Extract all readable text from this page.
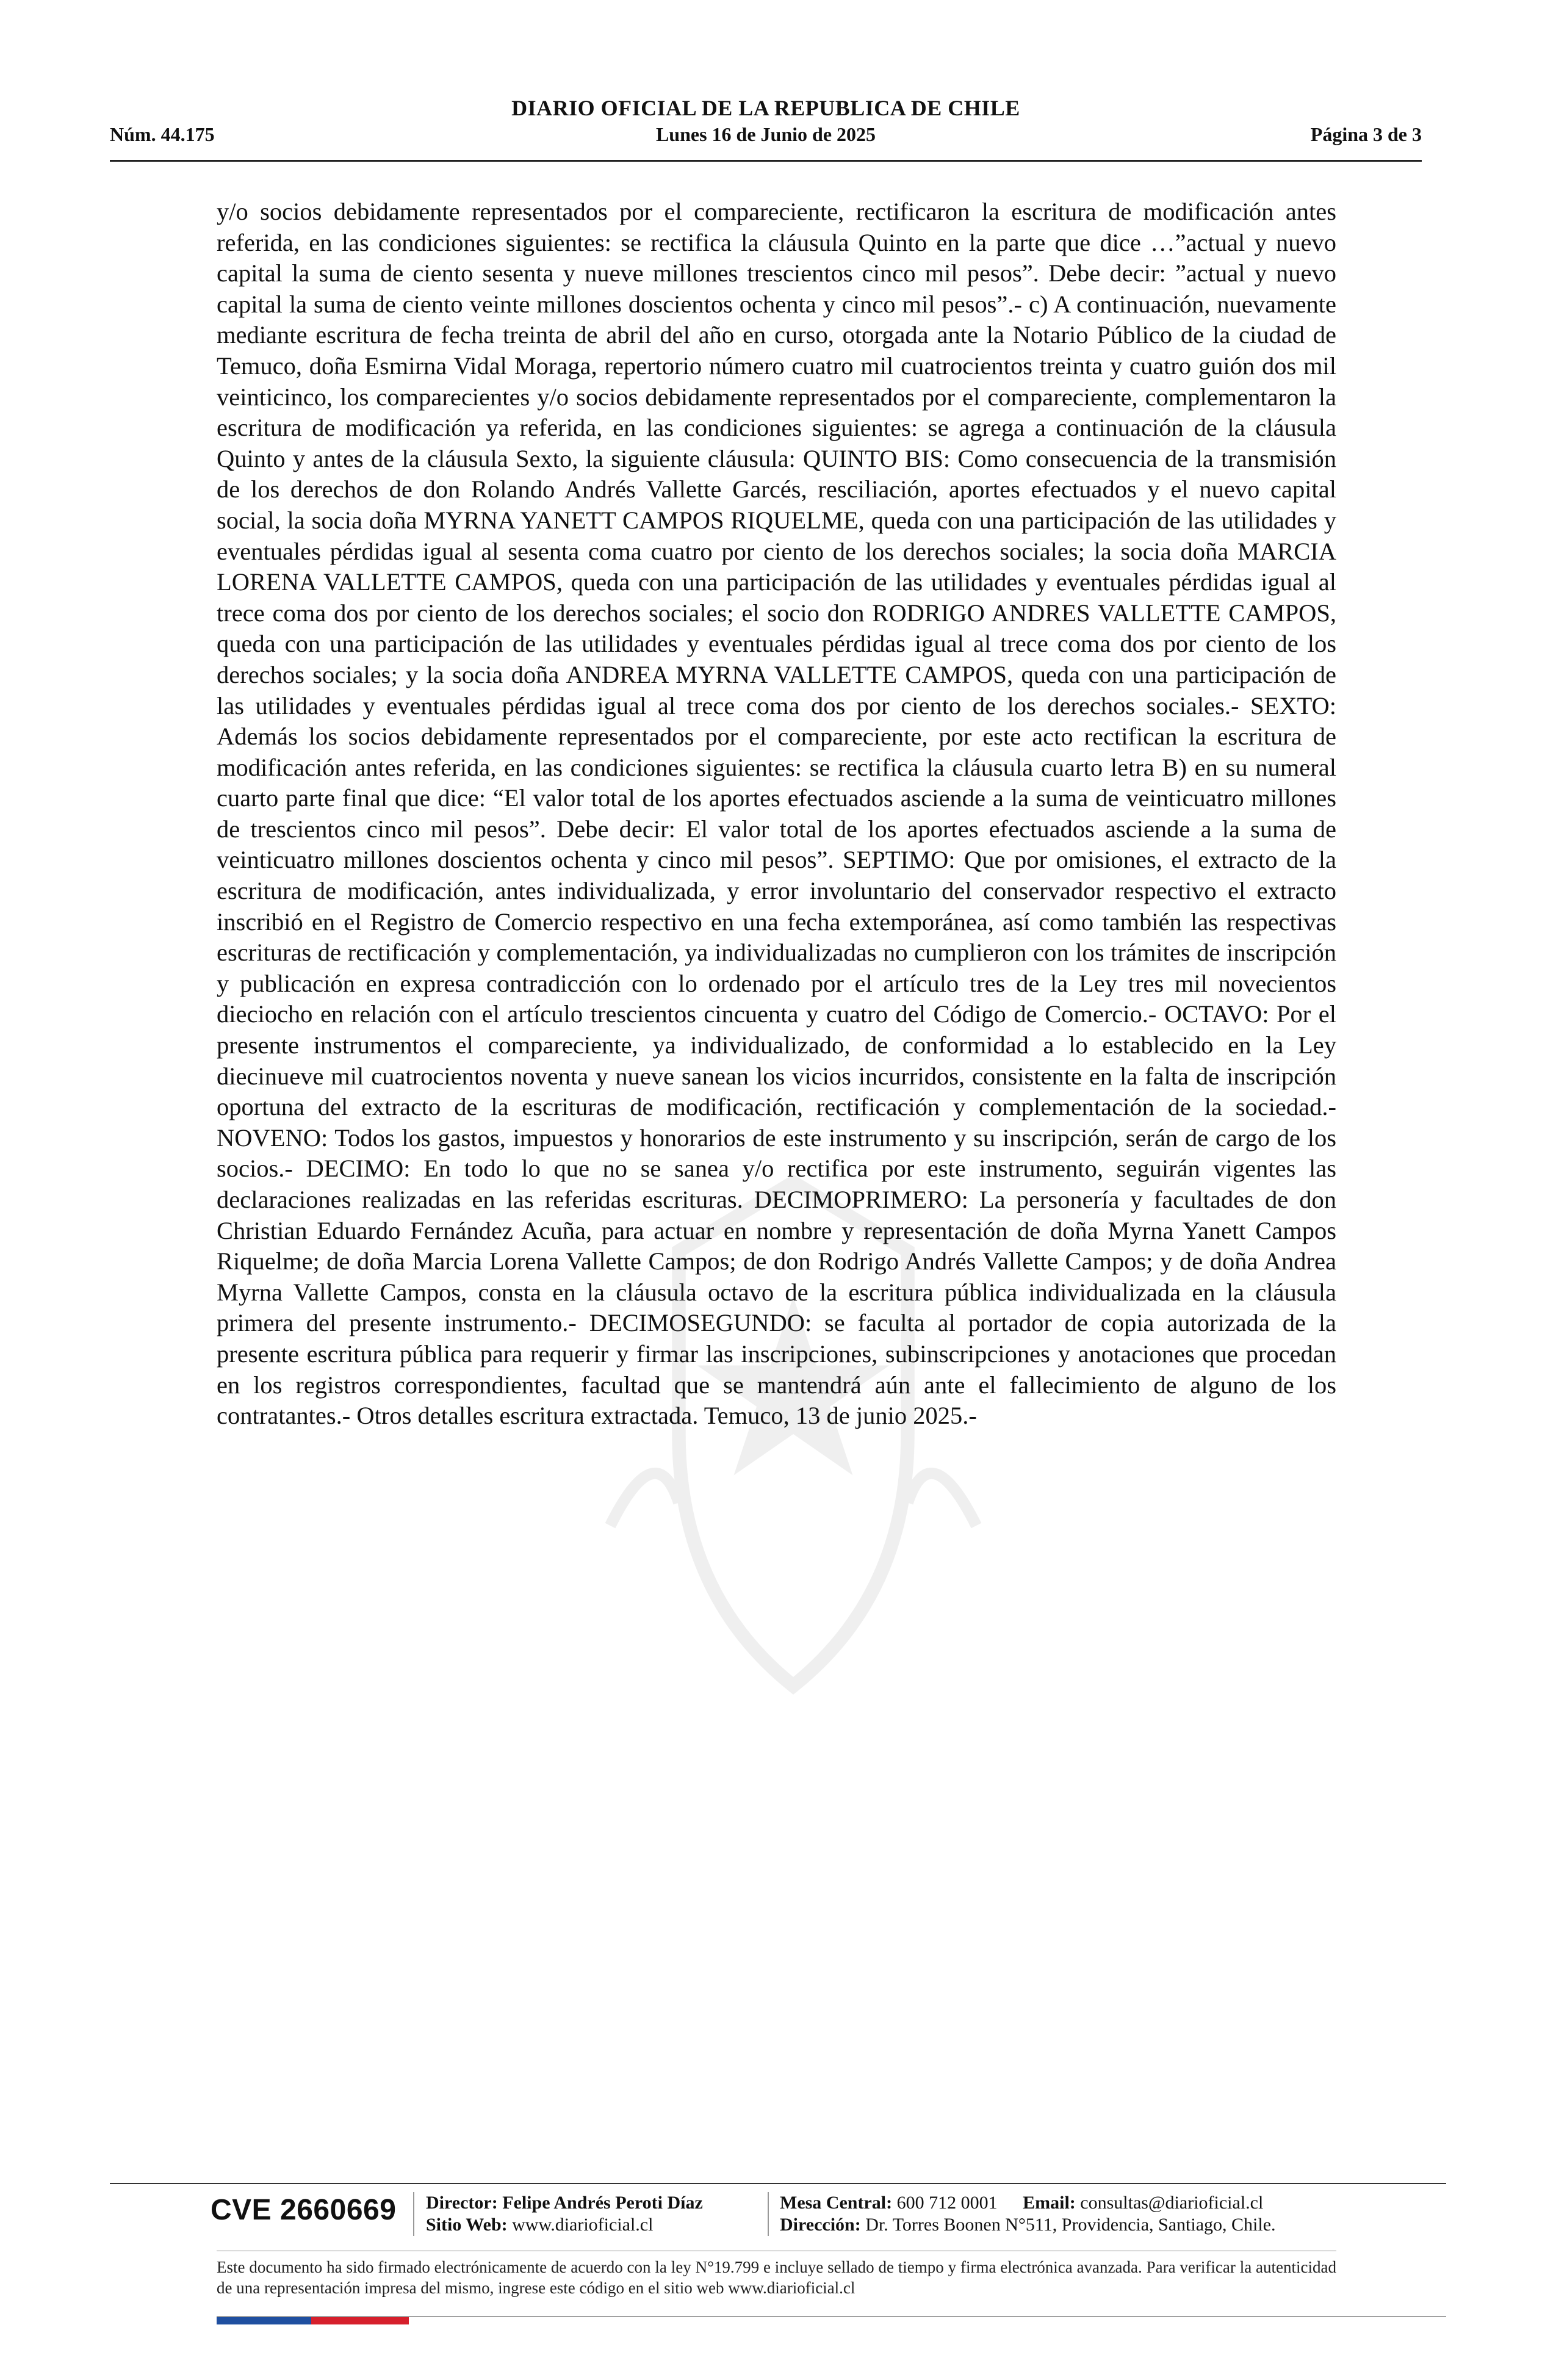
DIARIO OFICIAL DE LA REPUBLICA DE CHILE
Núm. 44.175	Lunes 16 de Junio de 2025	Página 3 de 3

y/o socios debidamente representados por el compareciente, rectificaron la escritura de modificación antes referida, en las condiciones siguientes: se rectifica la cláusula Quinto en la parte que dice …”actual y nuevo capital la suma de ciento sesenta y nueve millones trescientos cinco mil pesos”. Debe decir: ”actual y nuevo capital la suma de ciento veinte millones doscientos ochenta y cinco mil pesos”.- c) A continuación, nuevamente mediante escritura de fecha treinta de abril del año en curso, otorgada ante la Notario Público de la ciudad de Temuco, doña Esmirna Vidal Moraga, repertorio número cuatro mil cuatrocientos treinta y cuatro guión dos mil veinticinco, los comparecientes y/o socios debidamente representados por el compareciente, complementaron la escritura de modificación ya referida, en las condiciones siguientes: se agrega a continuación de la cláusula Quinto y antes de la cláusula Sexto, la siguiente cláusula: QUINTO BIS: Como consecuencia de la transmisión de los derechos de don Rolando Andrés Vallette Garcés, resciliación, aportes efectuados y el nuevo capital social, la socia doña MYRNA YANETT CAMPOS RIQUELME, queda con una participación de las utilidades y eventuales pérdidas igual al sesenta coma cuatro por ciento de los derechos sociales; la socia doña MARCIA LORENA VALLETTE CAMPOS, queda con una participación de las utilidades y eventuales pérdidas igual al trece coma dos por ciento de los derechos sociales; el socio don RODRIGO ANDRES VALLETTE CAMPOS, queda con una participación de las utilidades y eventuales pérdidas igual al trece coma dos por ciento de los derechos sociales; y la socia doña ANDREA MYRNA VALLETTE CAMPOS, queda con una participación de las utilidades y eventuales pérdidas igual al trece coma dos por ciento de los derechos sociales.- SEXTO: Además los socios debidamente representados por el compareciente, por este acto rectifican la escritura de modificación antes referida, en las condiciones siguientes: se rectifica la cláusula cuarto letra B) en su numeral cuarto parte final que dice: “El valor total de los aportes efectuados asciende a la suma de veinticuatro millones de trescientos cinco mil pesos”. Debe decir: El valor total de los aportes efectuados asciende a la suma de veinticuatro millones doscientos ochenta y cinco mil pesos”. SEPTIMO: Que por omisiones, el extracto de la escritura de modificación, antes individualizada, y error involuntario del conservador respectivo el extracto inscribió en el Registro de Comercio respectivo en una fecha extemporánea, así como también las respectivas escrituras de rectificación y complementación, ya individualizadas no cumplieron con los trámites de inscripción y publicación en expresa contradicción con lo ordenado por el artículo tres de la Ley tres mil novecientos dieciocho en relación con el artículo trescientos cincuenta y cuatro del Código de Comercio.- OCTAVO: Por el presente instrumentos el compareciente, ya individualizado, de conformidad a lo establecido en la Ley diecinueve mil cuatrocientos noventa y nueve sanean los vicios incurridos, consistente en la falta de inscripción oportuna del extracto de la escrituras de modificación, rectificación y complementación de la sociedad.- NOVENO: Todos los gastos, impuestos y honorarios de este instrumento y su inscripción, serán de cargo de los socios.- DECIMO: En todo lo que no se sanea y/o rectifica por este instrumento, seguirán vigentes las declaraciones realizadas en las referidas escrituras. DECIMOPRIMERO: La personería y facultades de don Christian Eduardo Fernández Acuña, para actuar en nombre y representación de doña Myrna Yanett Campos Riquelme; de doña Marcia Lorena Vallette Campos; de don Rodrigo Andrés Vallette Campos; y de doña Andrea Myrna Vallette Campos, consta en la cláusula octavo de la escritura pública individualizada en la cláusula primera del presente instrumento.- DECIMOSEGUNDO: se faculta al portador de copia autorizada de la presente escritura pública para requerir y firmar las inscripciones, subinscripciones y anotaciones que procedan en los registros correspondientes, facultad que se mantendrá aún ante el fallecimiento de alguno de los contratantes.- Otros detalles escritura extractada. Temuco, 13 de junio 2025.-

CVE 2660669 Director: Felipe Andrés Peroti Díaz
Sitio Web: www.diarioficial.cl
Mesa Central: 600 712 0001 Email: consultas@diarioficial.cl
Dirección: Dr. Torres Boonen N°511, Providencia, Santiago, Chile.
Este documento ha sido firmado electrónicamente de acuerdo con la ley N°19.799 e incluye sellado de tiempo y firma electrónica avanzada. Para verificar la autenticidad de una representación impresa del mismo, ingrese este código en el sitio web www.diarioficial.cl
